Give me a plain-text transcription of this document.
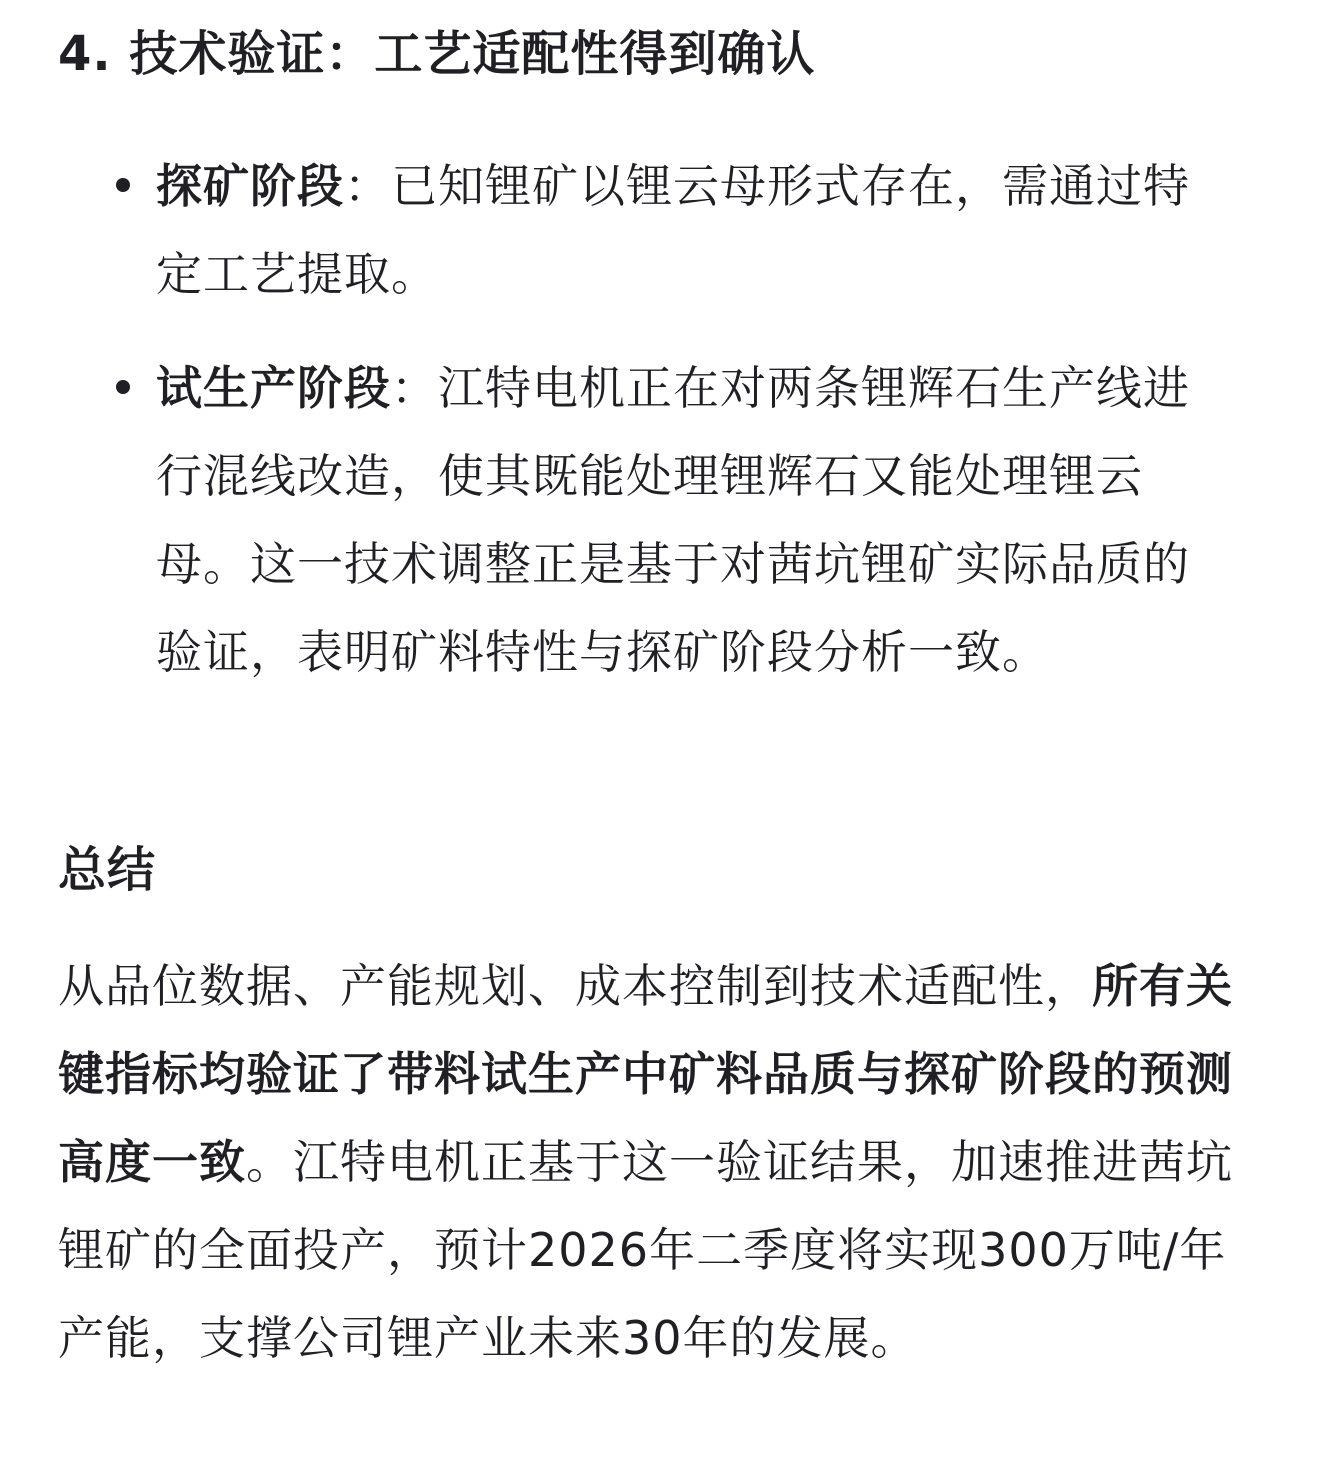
4. 技术验证：工艺适配性得到确认
探矿阶段：已知锂矿以锂云母形式存在，需通过特定工艺提取。
试生产阶段：江特电机正在对两条锂辉石生产线进行混线改造，使其既能处理锂辉石又能处理锂云母。这一技术调整正是基于对茜坑锂矿实际品质的验证，表明矿料特性与探矿阶段分析一致。
总结

从品位数据、产能规划、成本控制到技术适配性，所有关键指标均验证了带料试生产中矿料品质与探矿阶段的预测高度一致。江特电机正基于这一验证结果，加速推进茜坑锂矿的全面投产，预计2026年二季度将实现300万吨/年产能，支撑公司锂产业未来30年的发展。
